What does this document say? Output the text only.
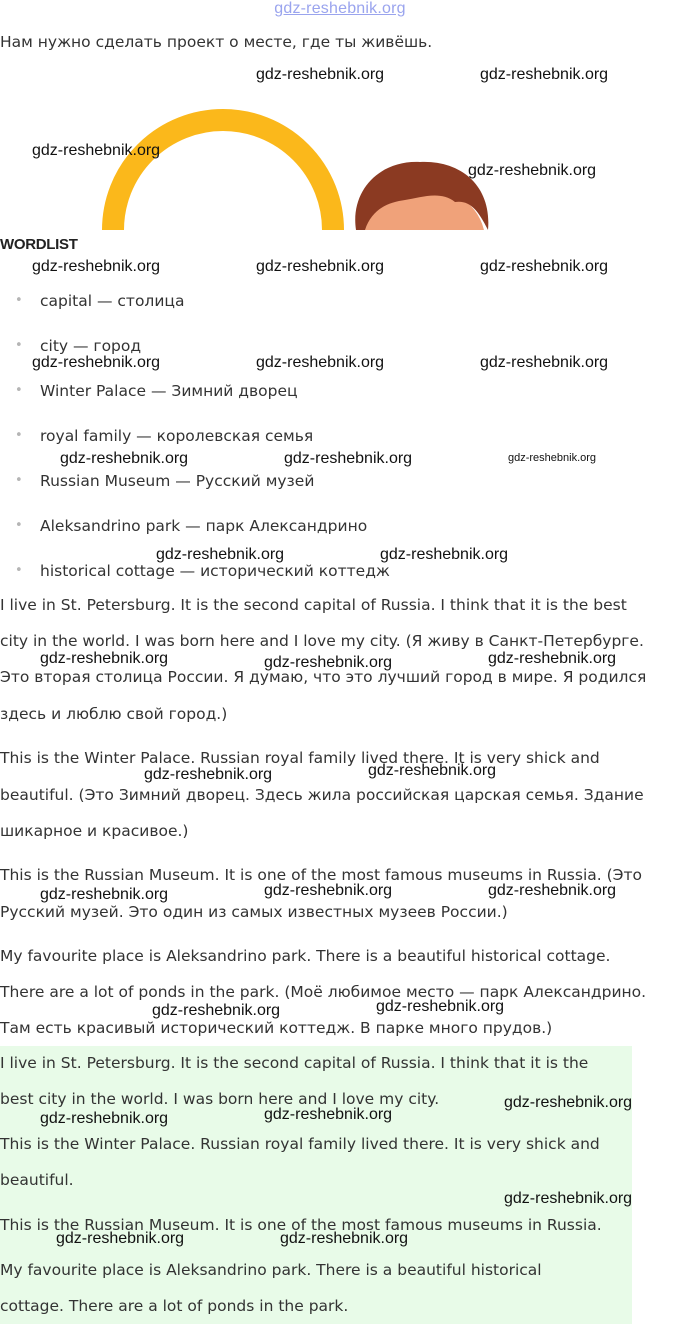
gdz-reshebnik.org
Нам нужно сделать проект о месте, где ты живёшь.
WORDLIST
• capital — столица
• city — город
• Winter Palace — Зимний дворец
• royal family — королевская семья
• Russian Museum — Русский музей
• Aleksandrino park — парк Александрино
• historical cottage — исторический коттедж
I live in St. Petersburg. It is the second capital of Russia. I think that it is the best
city in the world. I was born here and I love my city. (Я живу в Санкт-Петербурге.
Это вторая столица России. Я думаю, что это лучший город в мире. Я родился
здесь и люблю свой город.)
This is the Winter Palace. Russian royal family lived there. It is very shick and
beautiful. (Это Зимний дворец. Здесь жила российская царская семья. Здание
шикарное и красивое.)
This is the Russian Museum. It is one of the most famous museums in Russia. (Это
Русский музей. Это один из самых известных музеев России.)
My favourite place is Aleksandrino park. There is a beautiful historical cottage.
There are a lot of ponds in the park. (Моё любимое место — парк Александрино.
Там есть красивый исторический коттедж. В парке много прудов.)
I live in St. Petersburg. It is the second capital of Russia. I think that it is the
best city in the world. I was born here and I love my city.
This is the Winter Palace. Russian royal family lived there. It is very shick and
beautiful.
This is the Russian Museum. It is one of the most famous museums in Russia.
My favourite place is Aleksandrino park. There is a beautiful historical
cottage. There are a lot of ponds in the park.
gdz-reshebnik.org	gdz-reshebnik.org
gdz-reshebnik.org
gdz-reshebnik.org
gdz-reshebnik.org	gdz-reshebnik.org	gdz-reshebnik.org
gdz-reshebnik.org	gdz-reshebnik.org	gdz-reshebnik.org
gdz-reshebnik.org	gdz-reshebnik.org	gdz-reshebnik.org
gdz-reshebnik.org	gdz-reshebnik.org
gdz-reshebnik.org	gdz-reshebnik.org	gdz-reshebnik.org
gdz-reshebnik.org	gdz-reshebnik.org
gdz-reshebnik.org	gdz-reshebnik.org	gdz-reshebnik.org
gdz-reshebnik.org	gdz-reshebnik.org
gdz-reshebnik.org	gdz-reshebnik.org
gdz-reshebnik.org
gdz-reshebnik.org
gdz-reshebnik.org	gdz-reshebnik.org
